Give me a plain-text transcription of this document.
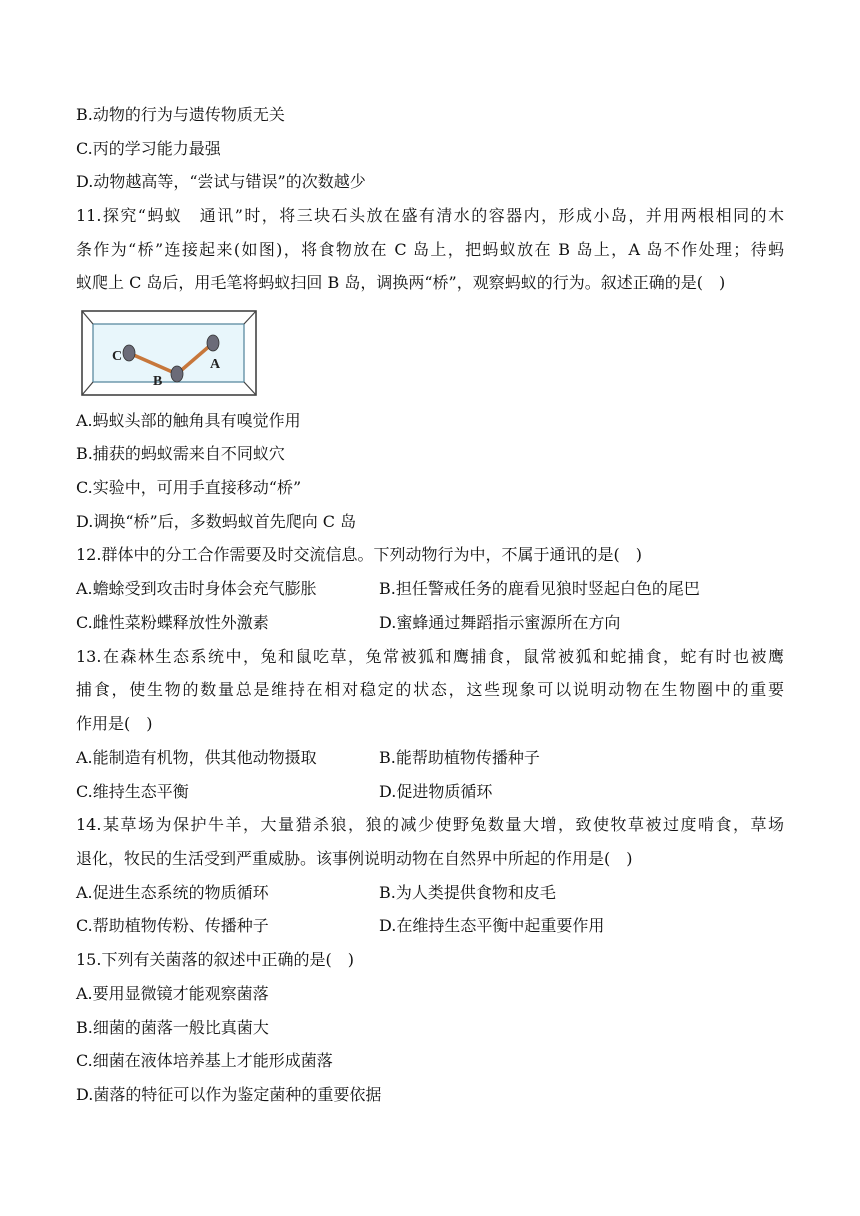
B.动物的行为与遗传物质无关
C.丙的学习能力最强
D.动物越高等，“尝试与错误”的次数越少
11.探究“蚂蚁　通讯”时，将三块石头放在盛有清水的容器内，形成小岛，并用两根相同的木
条作为“桥”连接起来(如图)，将食物放在 C 岛上，把蚂蚁放在 B 岛上，A 岛不作处理；待蚂
蚁爬上 C 岛后，用毛笔将蚂蚁扫回 B 岛，调换两“桥”，观察蚂蚁的行为。叙述正确的是(　)
C
B
A
A.蚂蚁头部的触角具有嗅觉作用
B.捕获的蚂蚁需来自不同蚁穴
C.实验中，可用手直接移动“桥”
D.调换“桥”后，多数蚂蚁首先爬向 C 岛
12.群体中的分工合作需要及时交流信息。下列动物行为中，不属于通讯的是(　)
A.蟾蜍受到攻击时身体会充气膨胀	B.担任警戒任务的鹿看见狼时竖起白色的尾巴
C.雌性菜粉蝶释放性外激素	D.蜜蜂通过舞蹈指示蜜源所在方向
13.在森林生态系统中，兔和鼠吃草，兔常被狐和鹰捕食，鼠常被狐和蛇捕食，蛇有时也被鹰
捕食，使生物的数量总是维持在相对稳定的状态，这些现象可以说明动物在生物圈中的重要
作用是(　)
A.能制造有机物，供其他动物摄取	B.能帮助植物传播种子
C.维持生态平衡	D.促进物质循环
14.某草场为保护牛羊，大量猎杀狼，狼的减少使野兔数量大增，致使牧草被过度啃食，草场
退化，牧民的生活受到严重威胁。该事例说明动物在自然界中所起的作用是(　)
A.促进生态系统的物质循环	B.为人类提供食物和皮毛
C.帮助植物传粉、传播种子	D.在维持生态平衡中起重要作用
15.下列有关菌落的叙述中正确的是(　)
A.要用显微镜才能观察菌落
B.细菌的菌落一般比真菌大
C.细菌在液体培养基上才能形成菌落
D.菌落的特征可以作为鉴定菌种的重要依据
